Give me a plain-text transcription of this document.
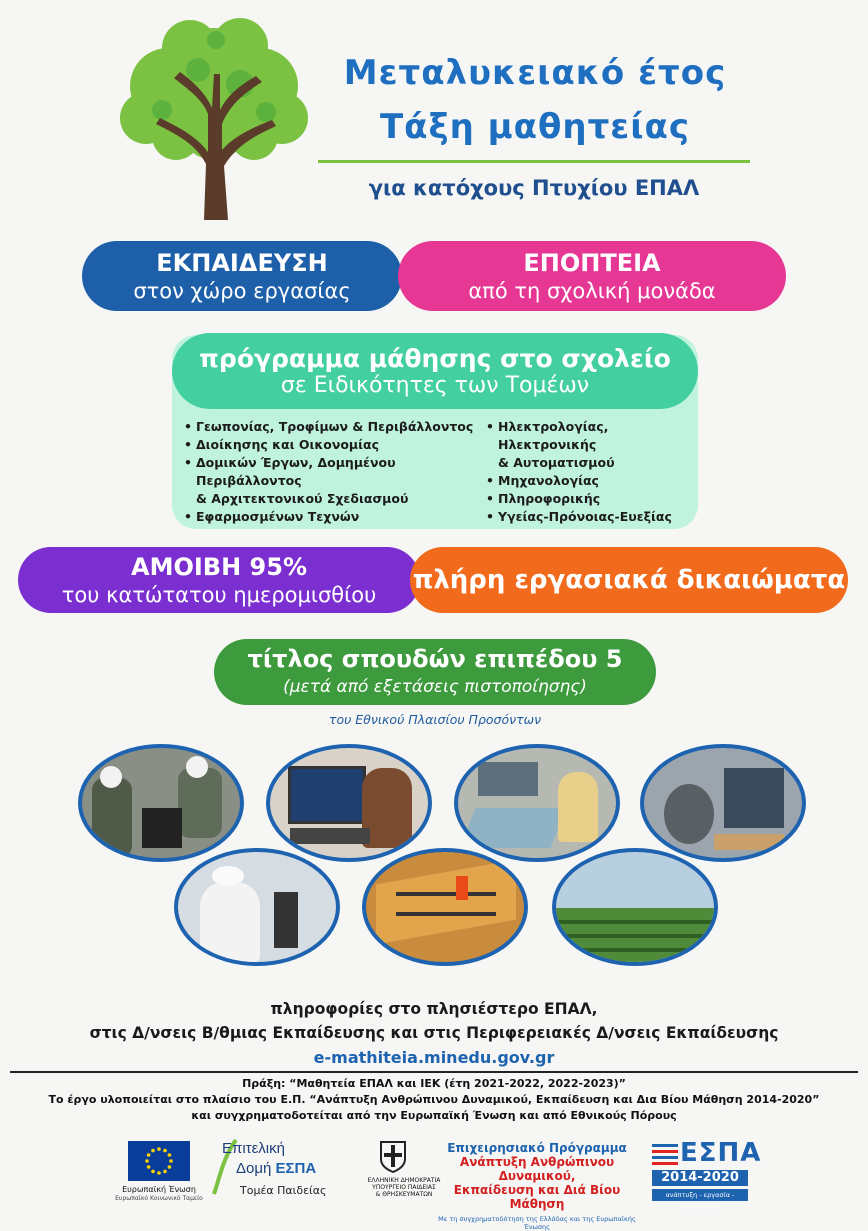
Μεταλυκειακό έτος
Τάξη μαθητείας
για κατόχους Πτυχίου ΕΠΑΛ
ΕΚΠΑΙΔΕΥΣΗ
στον χώρο εργασίας
ΕΠΟΠΤΕΙΑ
από τη σχολική μονάδα
πρόγραμμα μάθησης στο σχολείο
σε Ειδικότητες των Τομέων
• Γεωπονίας, Τροφίμων & Περιβάλλοντος
• Διοίκησης και Οικονομίας
• Δομικών Έργων, Δομημένου Περιβάλλοντος
& Αρχιτεκτονικού Σχεδιασμού
• Εφαρμοσμένων Τεχνών
• Ηλεκτρολογίας, Ηλεκτρονικής
& Αυτοματισμού
• Μηχανολογίας
• Πληροφορικής
• Υγείας-Πρόνοιας-Ευεξίας
ΑΜΟΙΒΗ 95%
του κατώτατου ημερομισθίου πλήρη εργασιακά δικαιώματα
τίτλος σπουδών επιπέδου 5
(μετά από εξετάσεις πιστοποίησης)
του Εθνικού Πλαισίου Προσόντων
πληροφορίες στο πλησιέστερο ΕΠΑΛ,
στις Δ/νσεις Β/θμιας Εκπαίδευσης και στις Περιφερειακές Δ/νσεις Εκπαίδευσης
e-mathiteia.minedu.gov.gr
Πράξη: “Μαθητεία ΕΠΑΛ και ΙΕΚ (έτη 2021-2022, 2022-2023)”
Το έργο υλοποιείται στο πλαίσιο του Ε.Π. “Ανάπτυξη Ανθρώπινου Δυναμικού, Εκπαίδευση και Δια Βίου Μάθηση 2014-2020”
και συγχρηματοδοτείται από την Ευρωπαϊκή Ένωση και από Εθνικούς Πόρους
Ευρωπαϊκή Ένωση
Ευρωπαϊκό Κοινωνικό Ταμείο
Επιτελική
Δομή ΕΣΠΑ
Τομέα Παιδείας
ΕΛΛΗΝΙΚΗ ΔΗΜΟΚΡΑΤΙΑ
ΥΠΟΥΡΓΕΙΟ ΠΑΙΔΕΙΑΣ
& ΘΡΗΣΚΕΥΜΑΤΩΝ
Επιχειρησιακό Πρόγραμμα
Ανάπτυξη Ανθρώπινου Δυναμικού,
Εκπαίδευση και Διά Βίου Μάθηση
Με τη συγχρηματοδότηση της Ελλάδας και της Ευρωπαϊκής Ένωσης
ΕΣΠΑ
2014-2020
ανάπτυξη - εργασία - αλληλεγγύη
